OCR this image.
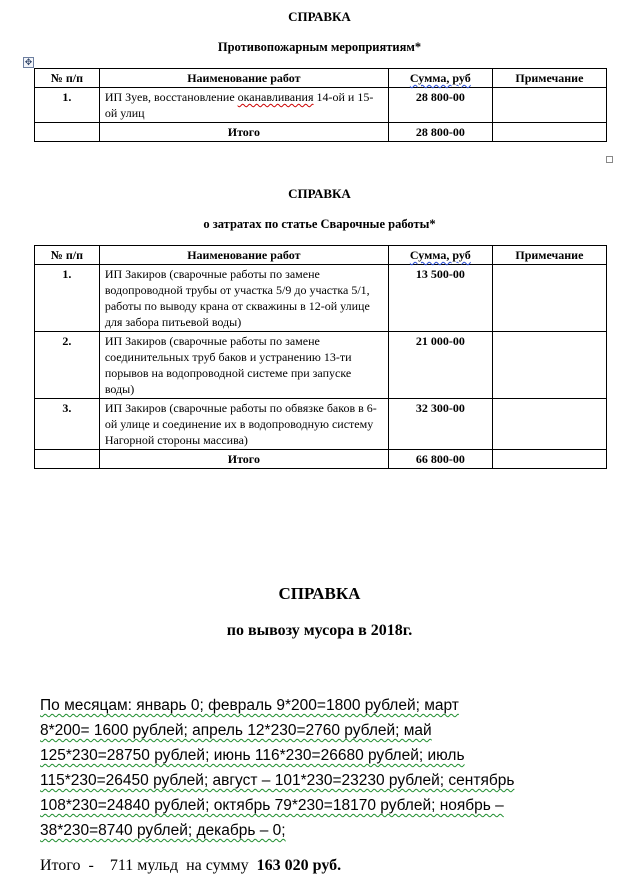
СПРАВКА
Противопожарным мероприятиям*
✥
№ п/п	Наименование работ	Сумма, руб	Примечание
1.	ИП Зуев, восстановление оканавливания 14-ой и 15-ой улиц	28 800-00	
	Итого	28 800-00	
СПРАВКА
о затратах по статье Сварочные работы*
№ п/п	Наименование работ	Сумма, руб	Примечание
1.	ИП Закиров (сварочные работы по замене водопроводной трубы от участка 5/9 до участка 5/1, работы по выводу крана от скважины в 12-ой улице для забора питьевой воды)	13 500-00	
2.	ИП Закиров (сварочные работы по замене соединительных труб баков и устранению 13-ти порывов на водопроводной системе при запуске воды)	21 000-00	
3.	ИП Закиров (сварочные работы по обвязке баков в 6-ой улице и соединение их в водопроводную систему Нагорной стороны массива)	32 300-00	
	Итого	66 800-00	
СПРАВКА
по вывозу мусора в 2018г.
По месяцам: январь 0; февраль 9*200=1800 рублей; март
8*200= 1600 рублей; апрель 12*230=2760 рублей; май
125*230=28750 рублей; июнь 116*230=26680 рублей; июль
115*230=26450 рублей; август – 101*230=23230 рублей; сентябрь
108*230=24840 рублей; октябрь 79*230=18170 рублей; ноябрь –
38*230=8740 рублей; декабрь – 0;
Итого  -    711 мульд  на сумму  163 020 руб.
